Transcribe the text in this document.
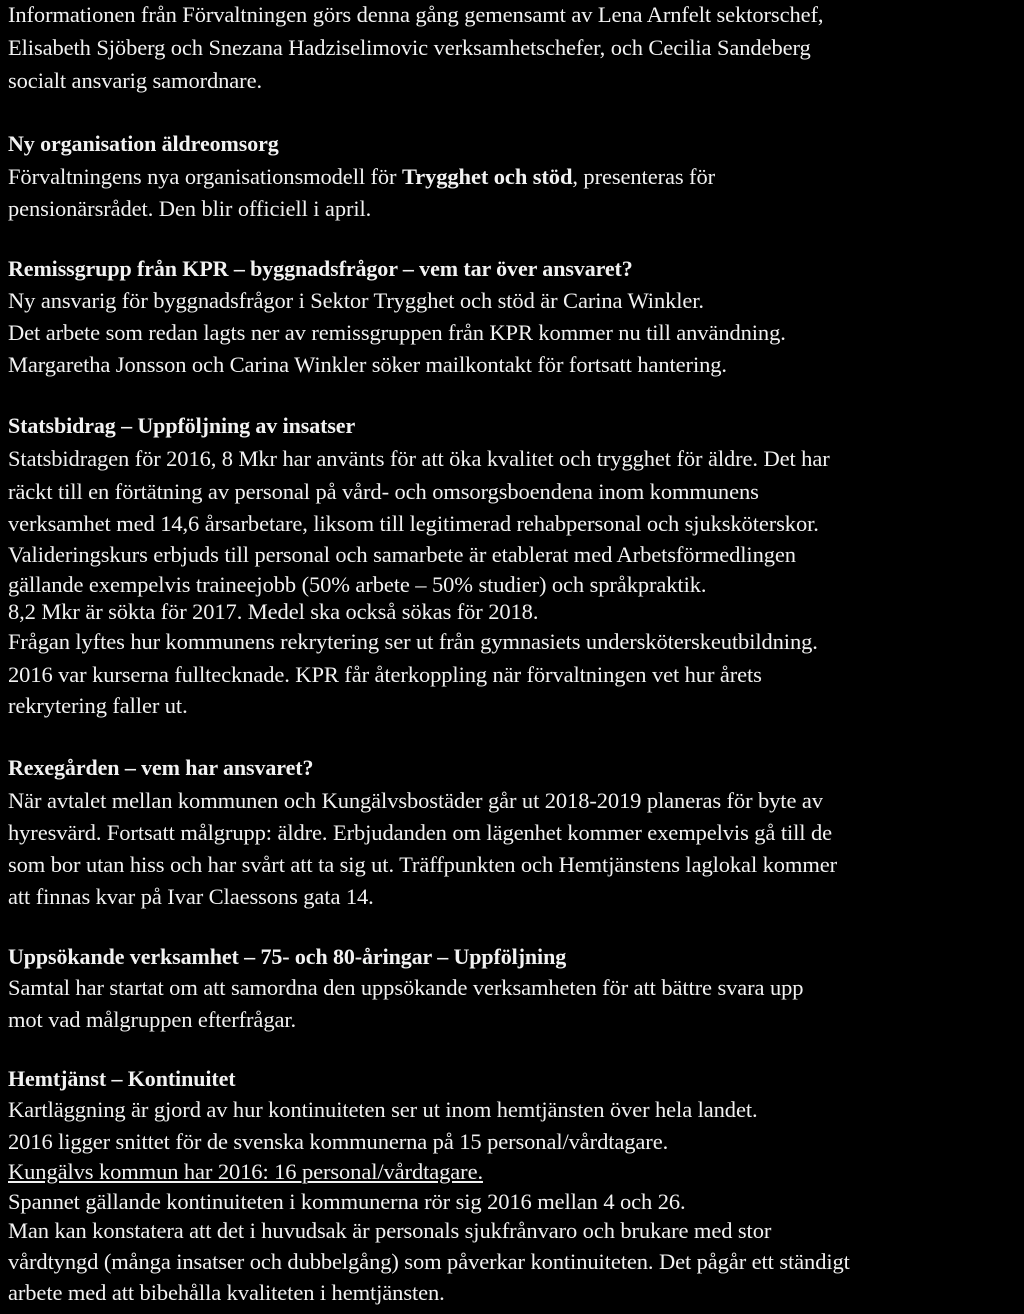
Informationen från Förvaltningen görs denna gång gemensamt av Lena Arnfelt sektorschef,
Elisabeth Sjöberg och Snezana Hadziselimovic verksamhetschefer, och Cecilia Sandeberg
socialt ansvarig samordnare.
Ny organisation äldreomsorg
Förvaltningens nya organisationsmodell för Trygghet och stöd, presenteras för
pensionärsrådet. Den blir officiell i april.
Remissgrupp från KPR – byggnadsfrågor – vem tar över ansvaret?
Ny ansvarig för byggnadsfrågor i Sektor Trygghet och stöd är Carina Winkler.
Det arbete som redan lagts ner av remissgruppen från KPR kommer nu till användning.
Margaretha Jonsson och Carina Winkler söker mailkontakt för fortsatt hantering.
Statsbidrag – Uppföljning av insatser
Statsbidragen för 2016, 8 Mkr har använts för att öka kvalitet och trygghet för äldre. Det har
räckt till en förtätning av personal på vård- och omsorgsboendena inom kommunens
verksamhet med 14,6 årsarbetare, liksom till legitimerad rehabpersonal och sjuksköterskor.
Valideringskurs erbjuds till personal och samarbete är etablerat med Arbetsförmedlingen
gällande exempelvis traineejobb (50% arbete – 50% studier) och språkpraktik.
8,2 Mkr är sökta för 2017. Medel ska också sökas för 2018.
Frågan lyftes hur kommunens rekrytering ser ut från gymnasiets undersköterskeutbildning.
2016 var kurserna fulltecknade. KPR får återkoppling när förvaltningen vet hur årets
rekrytering faller ut.
Rexegården – vem har ansvaret?
När avtalet mellan kommunen och Kungälvsbostäder går ut 2018-2019 planeras för byte av
hyresvärd. Fortsatt målgrupp: äldre. Erbjudanden om lägenhet kommer exempelvis gå till de
som bor utan hiss och har svårt att ta sig ut. Träffpunkten och Hemtjänstens laglokal kommer
att finnas kvar på Ivar Claessons gata 14.
Uppsökande verksamhet – 75- och 80-åringar – Uppföljning
Samtal har startat om att samordna den uppsökande verksamheten för att bättre svara upp
mot vad målgruppen efterfrågar.
Hemtjänst – Kontinuitet
Kartläggning är gjord av hur kontinuiteten ser ut inom hemtjänsten över hela landet.
2016 ligger snittet för de svenska kommunerna på 15 personal/vårdtagare.
Kungälvs kommun har 2016: 16 personal/vårdtagare.
Spannet gällande kontinuiteten i kommunerna rör sig 2016 mellan 4 och 26.
Man kan konstatera att det i huvudsak är personals sjukfrånvaro och brukare med stor
vårdtyngd (många insatser och dubbelgång) som påverkar kontinuiteten. Det pågår ett ständigt
arbete med att bibehålla kvaliteten i hemtjänsten.
